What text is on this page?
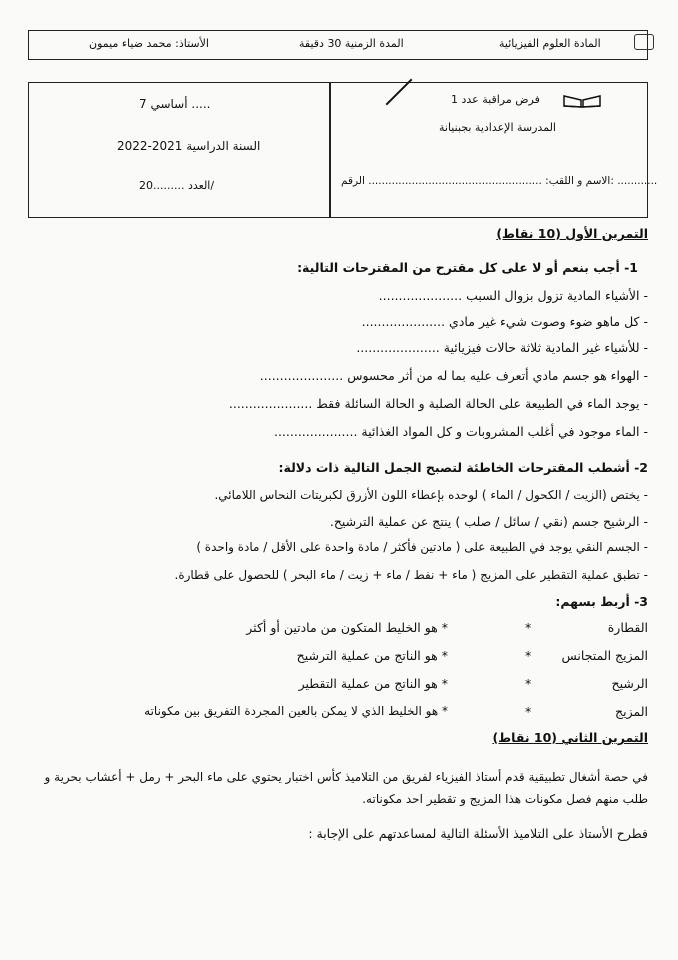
الأستاذ: محمد ضياء ميمون	المدة الزمنية 30 دقيقة	المادة العلوم الفيزيائية
7 أساسي .....
السنة الدراسية 2021-2022
العدد .........20/
فرض مراقبة عدد 1
المدرسة الإعدادية بجبنيانة
الاسم و اللقب: .................................................... الرقم: ............
التمرين الأول (10 نقاط)
1- أجب بنعم أو لا على كل مقترح من المقترحات التالية:
- الأشياء المادية تزول بزوال السبب .....................
- كل ماهو ضوء وصوت شيء غير مادي .....................
- للأشياء غير المادية ثلاثة حالات فيزيائية .....................
- الهواء هو جسم مادي أتعرف عليه بما له من أثر محسوس .....................
- يوجد الماء في الطبيعة على الحالة الصلبة و الحالة السائلة فقط .....................
- الماء موجود في أغلب المشروبات و كل المواد الغذائية .....................
2- أشطب المقترحات الخاطئة لتصبح الجمل التالية ذات دلالة:
- يختص (الزيت / الكحول / الماء ) لوحده بإعطاء اللون الأزرق لكبريتات النحاس اللامائي.
- الرشيح جسم (نقي / سائل / صلب ) ينتج عن عملية الترشيح.
- الجسم النقي يوجد في الطبيعة على ( مادتين فأكثر / مادة واحدة على الأقل / مادة واحدة )
- تطبق عملية التقطير على المزيج ( ماء + نفط / ماء + زيت / ماء البحر ) للحصول على قطارة.
3- أربط بسهم:
القطارة
*
* هو الخليط المتكون من مادتين أو أكثر
المزيج المتجانس
*
* هو الناتج من عملية الترشيح
الرشيح
*
* هو الناتج من عملية التقطير
المزيج
*
* هو الخليط الذي لا يمكن بالعين المجردة التفريق بين مكوناته
التمرين الثاني (10 نقاط)
في حصة أشغال تطبيقية قدم أستاذ الفيزياء لفريق من التلاميذ كأس اختبار يحتوي على ماء البحر + رمل + أعشاب بحرية و طلب منهم فصل مكونات هذا المزيج و تقطير احد مكوناته.
فطرح الأستاذ على التلاميذ الأسئلة التالية لمساعدتهم على الإجابة :
